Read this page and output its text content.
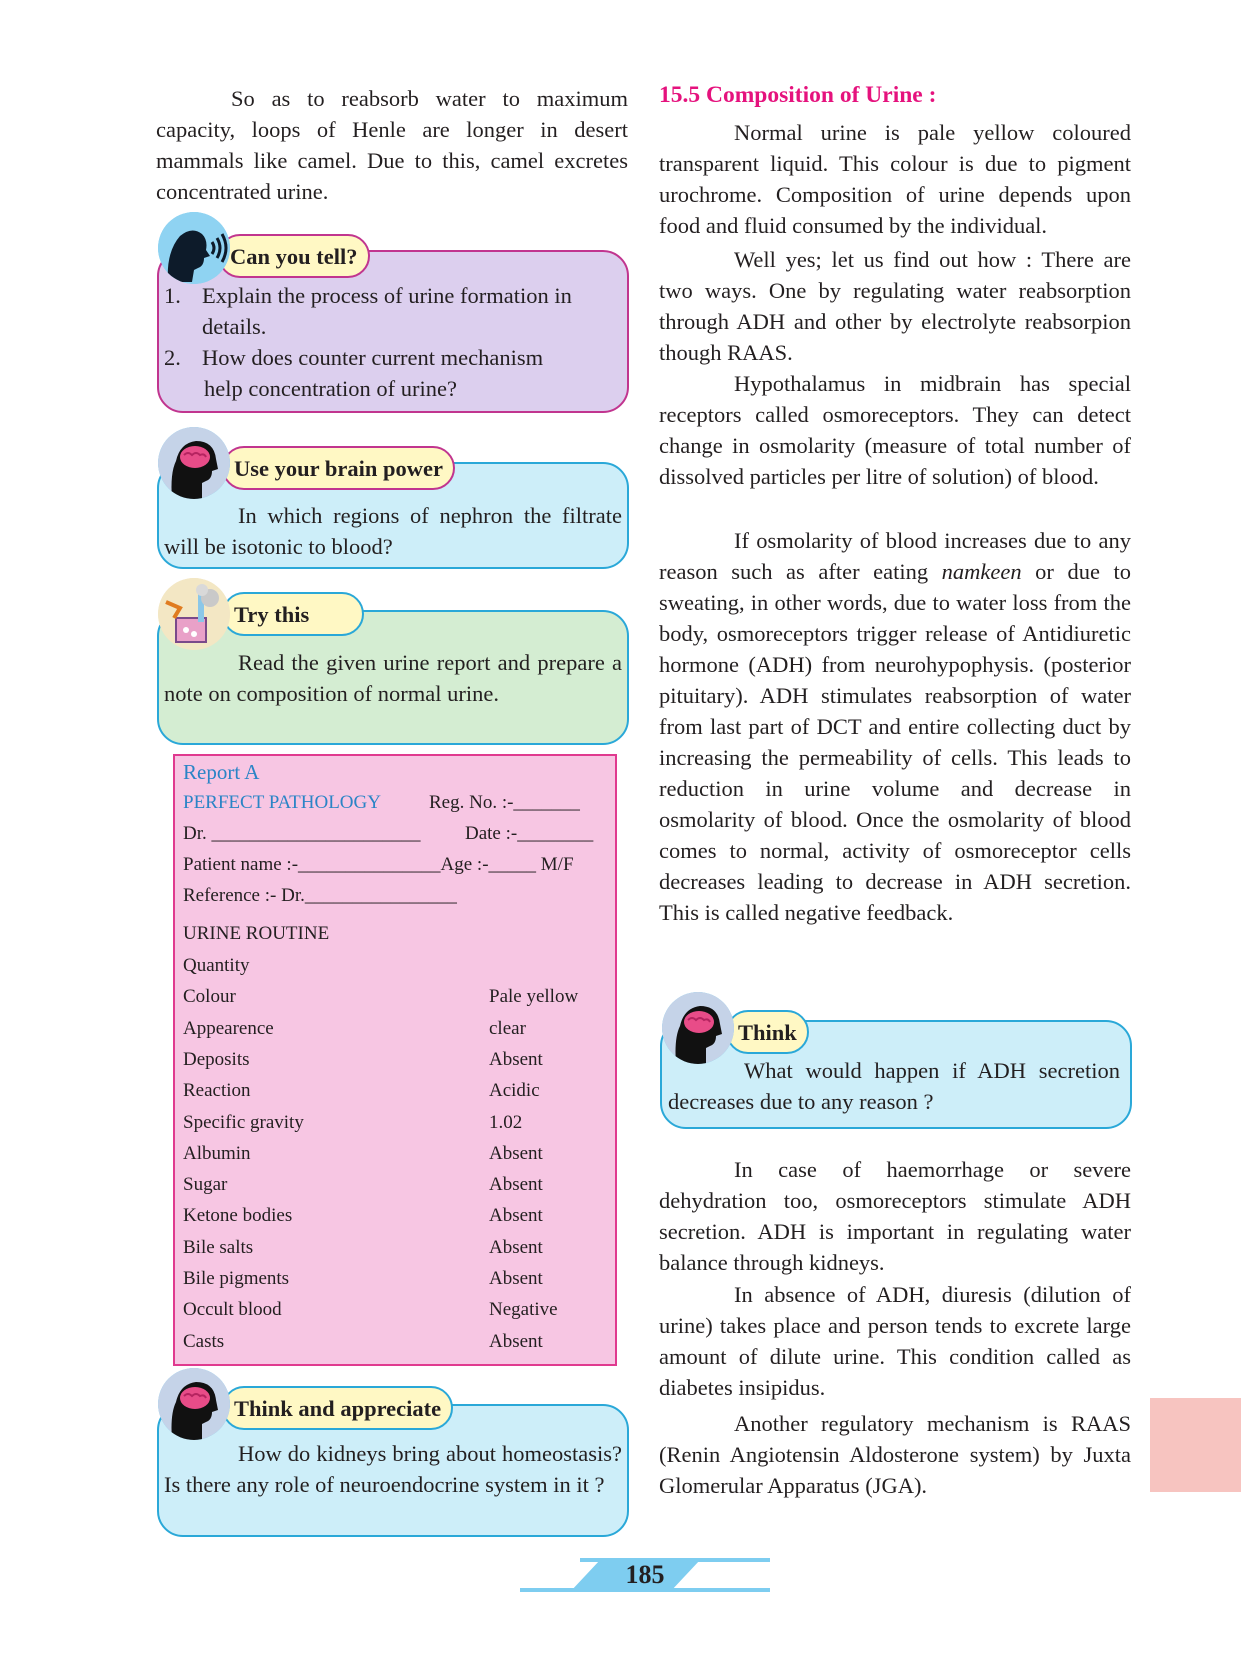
So as to reabsorb water to maximum capacity, loops of Henle are longer in desert mammals like camel. Due to this, camel excretes concentrated urine.

1. Explain the process of urine formation in
details.
2. How does counter current mechanism
help concentration of urine?
Can you tell?

In which regions of nephron the filtrate will be isotonic to blood?

Use your brain power

Read the given urine report and prepare a note on composition of normal urine.

Try this
Report A
PERFECT PATHOLOGY	Reg. No. :-_______
Dr. ______________________ Date :-________
Patient name :-_______________Age :-_____ M/F
Reference :- Dr.________________
URINE ROUTINE
Quantity
Colour	Pale yellow
Appearence	clear
Deposits	Absent
Reaction	Acidic
Specific gravity	1.02
Albumin	Absent
Sugar	Absent
Ketone bodies	Absent
Bile salts	Absent
Bile pigments	Absent
Occult blood	Negative
Casts	Absent

How do kidneys bring about homeostasis? Is there any role of neuroendocrine system in it ?

Think and appreciate
15.5 Composition of Urine :

Normal urine is pale yellow coloured transparent liquid. This colour is due to pigment urochrome. Composition of urine depends upon food and fluid consumed by the individual.

Well yes; let us find out how : There are two ways. One by regulating water reabsorption through ADH and other by electrolyte reabsorpion though RAAS.

Hypothalamus in midbrain has special receptors called osmoreceptors. They can detect change in osmolarity (measure of total number of dissolved particles per litre of solution) of blood.

If osmolarity of blood increases due to any reason such as after eating namkeen or due to sweating, in other words, due to water loss from the body, osmoreceptors trigger release of Antidiuretic hormone (ADH) from neurohypophysis. (posterior pituitary). ADH stimulates reabsorption of water from last part of DCT and entire collecting duct by increasing the permeability of cells. This leads to reduction in urine volume and decrease in osmolarity of blood. Once the osmolarity of blood comes to normal, activity of osmoreceptor cells decreases leading to decrease in ADH secretion. This is called negative feedback.

What would happen if ADH secretion decreases due to any reason ?

Think

In case of haemorrhage or severe dehydration too, osmoreceptors stimulate ADH secretion. ADH is important in regulating water balance through kidneys.

In absence of ADH, diuresis (dilution of urine) takes place and person tends to excrete large amount of dilute urine. This condition called as diabetes insipidus.

Another regulatory mechanism is RAAS (Renin Angiotensin Aldosterone system) by Juxta Glomerular Apparatus (JGA).

185
